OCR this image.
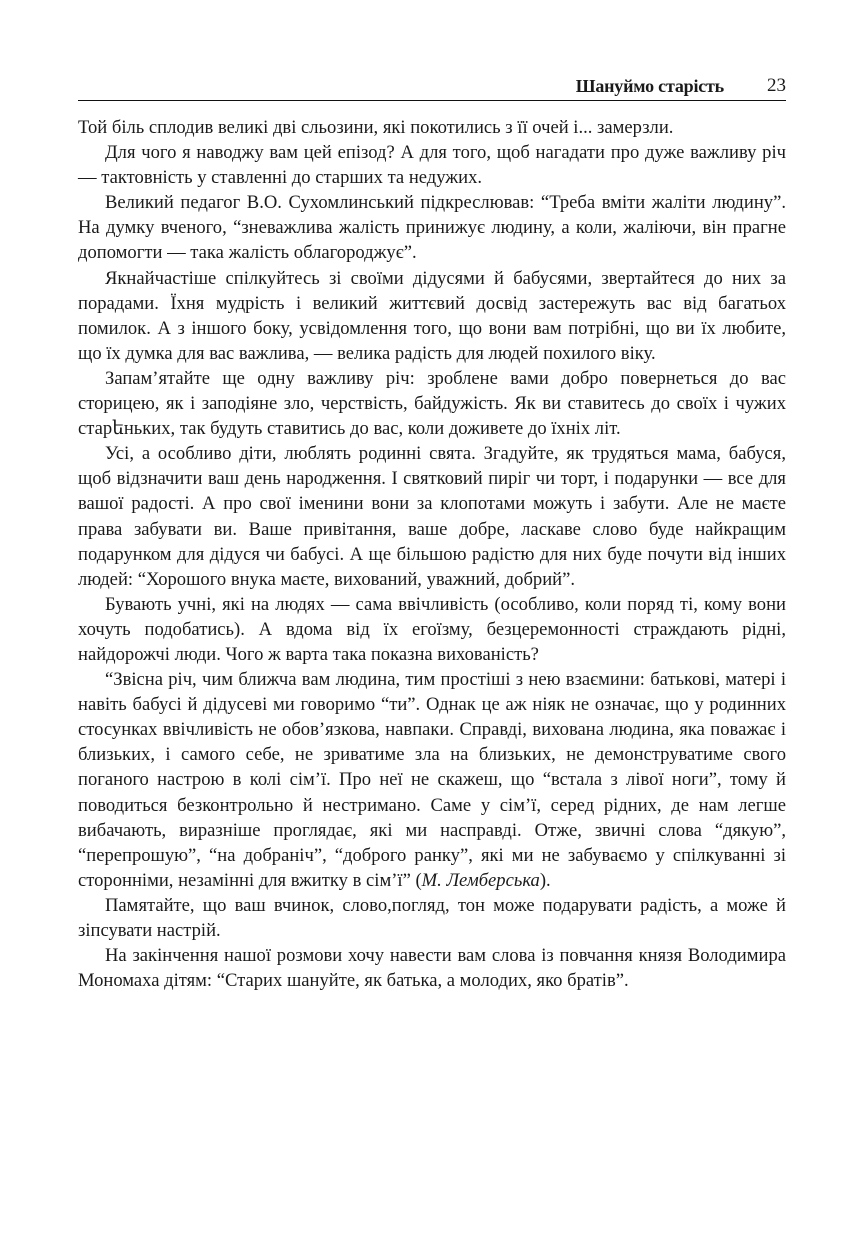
Шануймо старість 23

Той біль сплодив великі дві сльозини, які покотились з її очей і... замерзли.

Для чого я наводжу вам цей епізод? А для того, щоб нагадати про дуже важливу річ — тактовність у ставленні до старших та недужих.

Великий педагог В.О. Сухомлинський підкреслював: “Треба вміти жаліти людину”. На думку вченого, “зневажлива жалість принижує людину, а коли, жаліючи, він прагне допомогти — така жалість облагороджує”.

Якнайчастіше спілкуйтесь зі своїми дідусями й бабусями, звертайтеся до них за порадами. Їхня мудрість і великий життєвий досвід застережуть вас від багатьох помилок. А з іншого боку, усвідомлення того, що вони вам потрібні, що ви їх любите, що їх думка для вас важлива, — велика радість для людей похилого віку.

Запам’ятайте ще одну важливу річ: зроблене вами добро повернеться до вас сторицею, як і заподіяне зло, черствість, байдужість. Як ви ставитесь до своїх і чужих старեньких, так будуть ставитись до вас, коли доживете до їхніх літ.

Усі, а особливо діти, люблять родинні свята. Згадуйте, як трудяться мама, бабуся, щоб відзначити ваш день народження. І святковий пиріг чи торт, і подарунки — все для вашої радості. А про свої іменини вони за клопотами можуть і забути. Але не маєте права забувати ви. Ваше привітання, ваше добре, ласкаве слово буде найкращим подарунком для дідуся чи бабусі. А ще більшою радістю для них буде почути від інших людей: “Хорошого внука маєте, вихований, уважний, добрий”.

Бувають учні, які на людях — сама ввічливість (особливо, коли поряд ті, кому вони хочуть подобатись). А вдома від їх егоїзму, безцеремонності страждають рідні, найдорожчі люди. Чого ж варта така показна вихованість?

“Звісна річ, чим ближча вам людина, тим простіші з нею взаємини: батькові, матері і навіть бабусі й дідусеві ми говоримо “ти”. Однак це аж ніяк не означає, що у родинних стосунках ввічливість не обов’язкова, навпаки. Справді, вихована людина, яка поважає і близьких, і самого себе, не зриватиме зла на близьких, не демонструватиме свого поганого настрою в колі сім’ї. Про неї не скажеш, що “встала з лівої ноги”, тому й поводиться безконтрольно й нестримано. Саме у сім’ї, серед рідних, де нам легше вибачають, виразніше проглядає, які ми насправді. Отже, звичні слова “дякую”, “перепрошую”, “на добраніч”, “доброго ранку”, які ми не забуваємо у спілкуванні зі сторонніми, незамінні для вжитку в сім’ї” (М. Лемберська).

Памятайте, що ваш вчинок, слово,погляд, тон може подарувати радість, а може й зіпсувати настрій.

На закінчення нашої розмови хочу навести вам слова із повчання князя Володимира Мономаха дітям: “Старих шануйте, як батька, а молодих, яко братів”.
